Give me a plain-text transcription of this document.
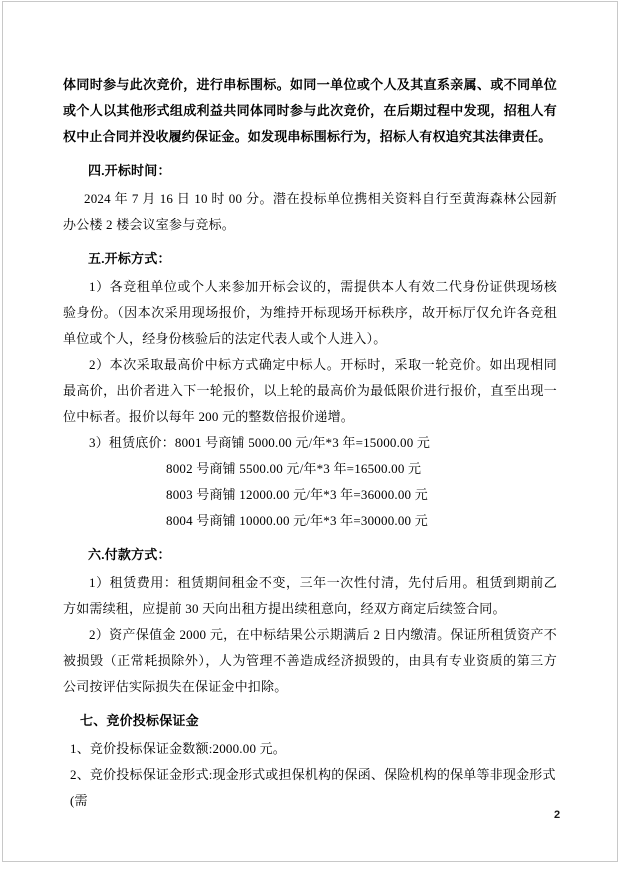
体同时参与此次竞价，进行串标围标。如同一单位或个人及其直系亲属、或不同单位或个人以其他形式组成利益共同体同时参与此次竞价，在后期过程中发现，招租人有权中止合同并没收履约保证金。如发现串标围标行为，招标人有权追究其法律责任。

四.开标时间：

2024 年 7 月 16 日 10 时 00 分。潜在投标单位携相关资料自行至黄海森林公园新办公楼 2 楼会议室参与竞标。

五.开标方式：

1）各竞租单位或个人来参加开标会议的，需提供本人有效二代身份证供现场核验身份。（因本次采用现场报价，为维持开标现场开标秩序，故开标厅仅允许各竞租单位或个人，经身份核验后的法定代表人或个人进入）。

2）本次采取最高价中标方式确定中标人。开标时，采取一轮竞价。如出现相同最高价，出价者进入下一轮报价，以上轮的最高价为最低限价进行报价，直至出现一位中标者。报价以每年 200 元的整数倍报价递增。

3）租赁底价：8001 号商铺 5000.00 元/年*3 年=15000.00 元
8002 号商铺 5500.00 元/年*3 年=16500.00 元
8003 号商铺 12000.00 元/年*3 年=36000.00 元
8004 号商铺 10000.00 元/年*3 年=30000.00 元
六.付款方式：

1）租赁费用：租赁期间租金不变，三年一次性付清，先付后用。租赁到期前乙方如需续租，应提前 30 天向出租方提出续租意向，经双方商定后续签合同。

2）资产保值金 2000 元，在中标结果公示期满后 2 日内缴清。保证所租赁资产不被损毁（正常耗损除外），人为管理不善造成经济损毁的，由具有专业资质的第三方公司按评估实际损失在保证金中扣除。

七、竞价投标保证金

1、竞价投标保证金数额:2000.00 元。

2、竞价投标保证金形式:现金形式或担保机构的保函、保险机构的保单等非现金形式(需

2
